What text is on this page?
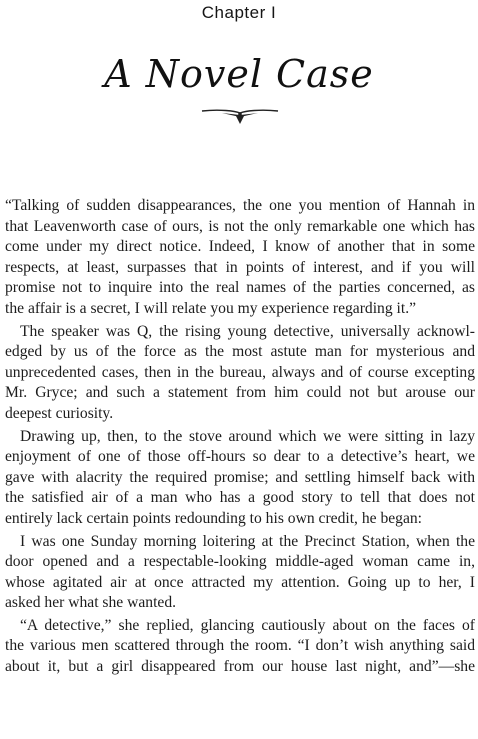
Chapter I
A Novel Case

“Talking of sudden disappearances, the one you mention of Hannah in

that Leavenworth case of ours, is not the only remarkable one which has

come under my direct notice. Indeed, I know of another that in some

respects, at least, surpasses that in points of interest, and if you will

promise not to inquire into the real names of the parties concerned, as

the affair is a secret, I will relate you my experience regarding it.”

The speaker was Q, the rising young detective, universally acknowl-

edged by us of the force as the most astute man for mysterious and

unprecedented cases, then in the bureau, always and of course excepting

Mr. Gryce; and such a statement from him could not but arouse our

deepest curiosity.

Drawing up, then, to the stove around which we were sitting in lazy

enjoyment of one of those off-hours so dear to a detective’s heart, we

gave with alacrity the required promise; and settling himself back with

the satisfied air of a man who has a good story to tell that does not

entirely lack certain points redounding to his own credit, he began:

I was one Sunday morning loitering at the Precinct Station, when the

door opened and a respectable-looking middle-aged woman came in,

whose agitated air at once attracted my attention. Going up to her, I

asked her what she wanted.

“A detective,” she replied, glancing cautiously about on the faces of

the various men scattered through the room. “I don’t wish anything said

about it, but a girl disappeared from our house last night, and”—she
